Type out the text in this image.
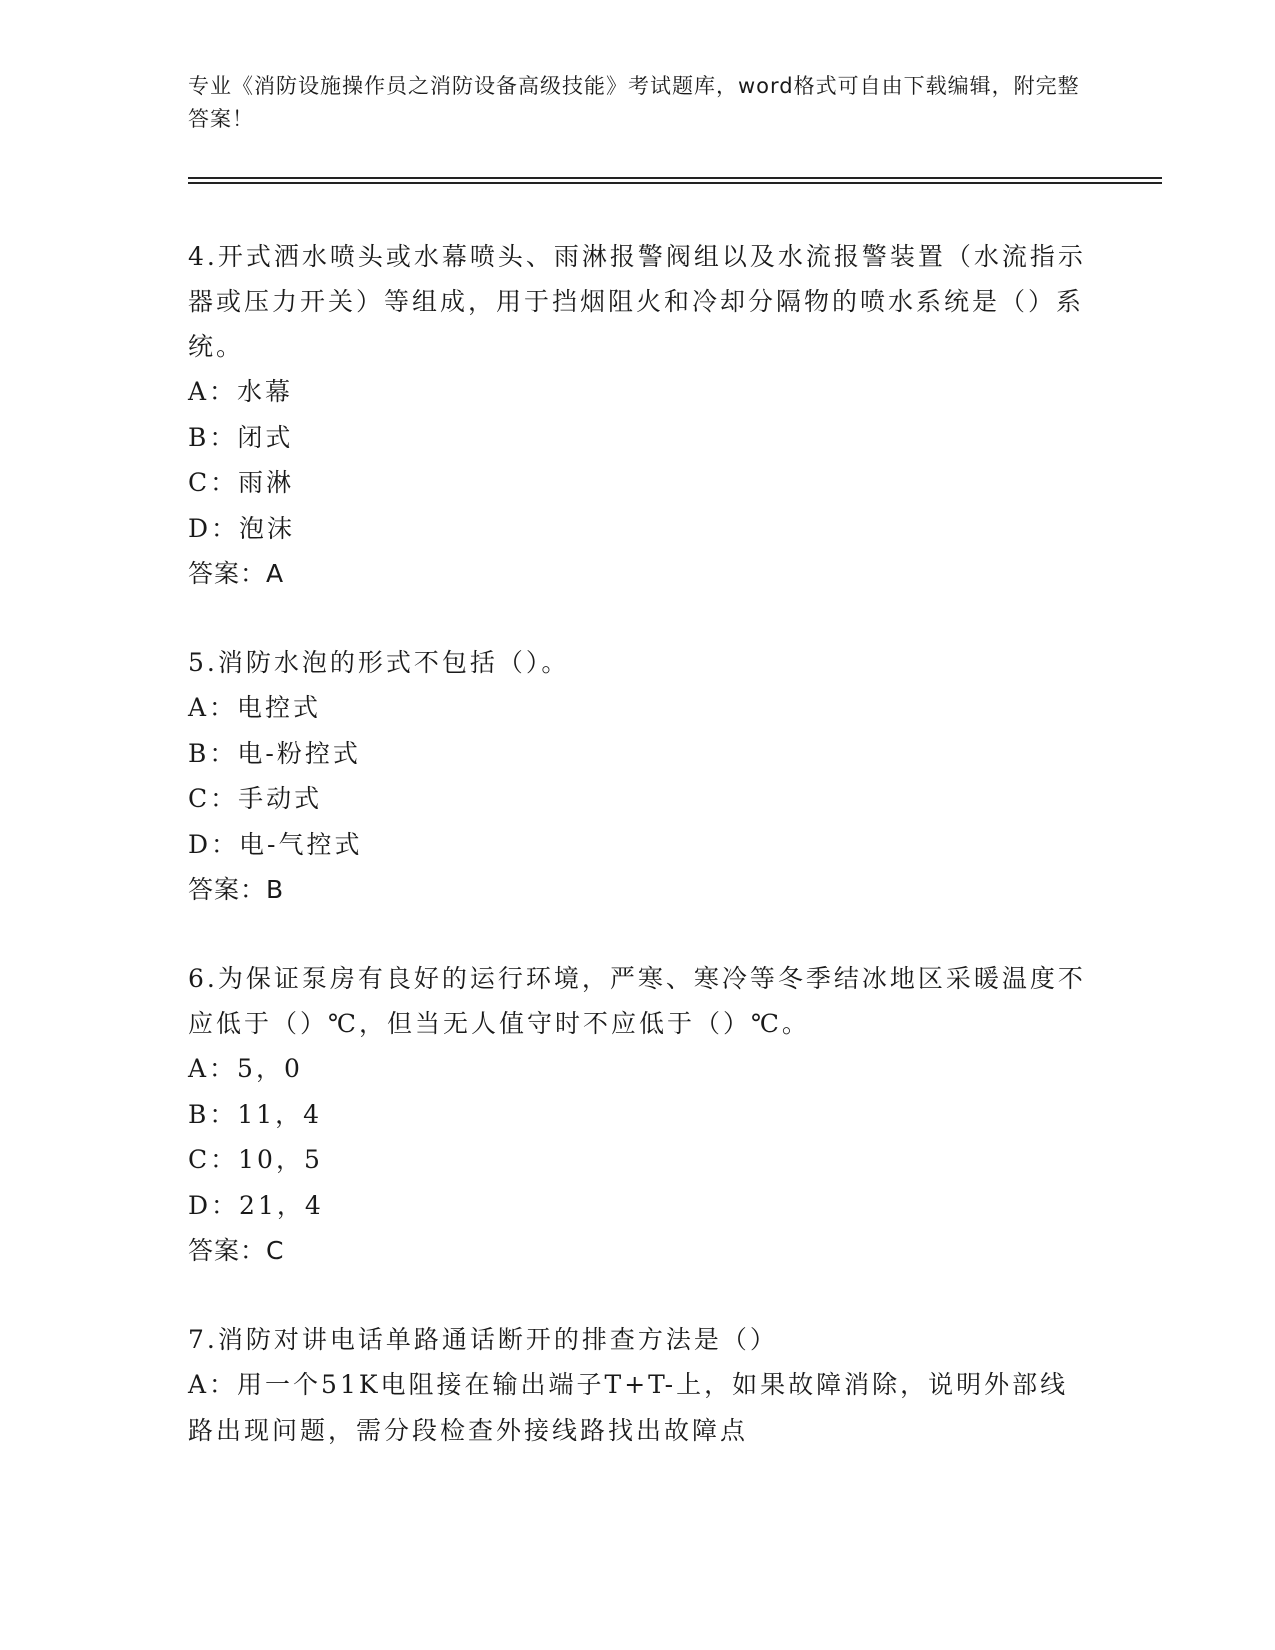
专业《消防设施操作员之消防设备高级技能》考试题库，word格式可自由下载编辑，附完整答案！
4.开式洒水喷头或水幕喷头、雨淋报警阀组以及水流报警装置（水流指示器或压力开关）等组成，用于挡烟阻火和冷却分隔物的喷水系统是（）系统。
A：水幕
B：闭式
C：雨淋
D：泡沫
答案：A
5.消防水泡的形式不包括（）。
A：电控式
B：电-粉控式
C：手动式
D：电-气控式
答案：B
6.为保证泵房有良好的运行环境，严寒、寒冷等冬季结冰地区采暖温度不应低于（）℃，但当无人值守时不应低于（）℃。
A：5，0
B：11，4
C：10，5
D：21，4
答案：C
7.消防对讲电话单路通话断开的排查方法是（）
A：用一个51K电阻接在输出端子T+T-上，如果故障消除，说明外部线路出现问题，需分段检查外接线路找出故障点
